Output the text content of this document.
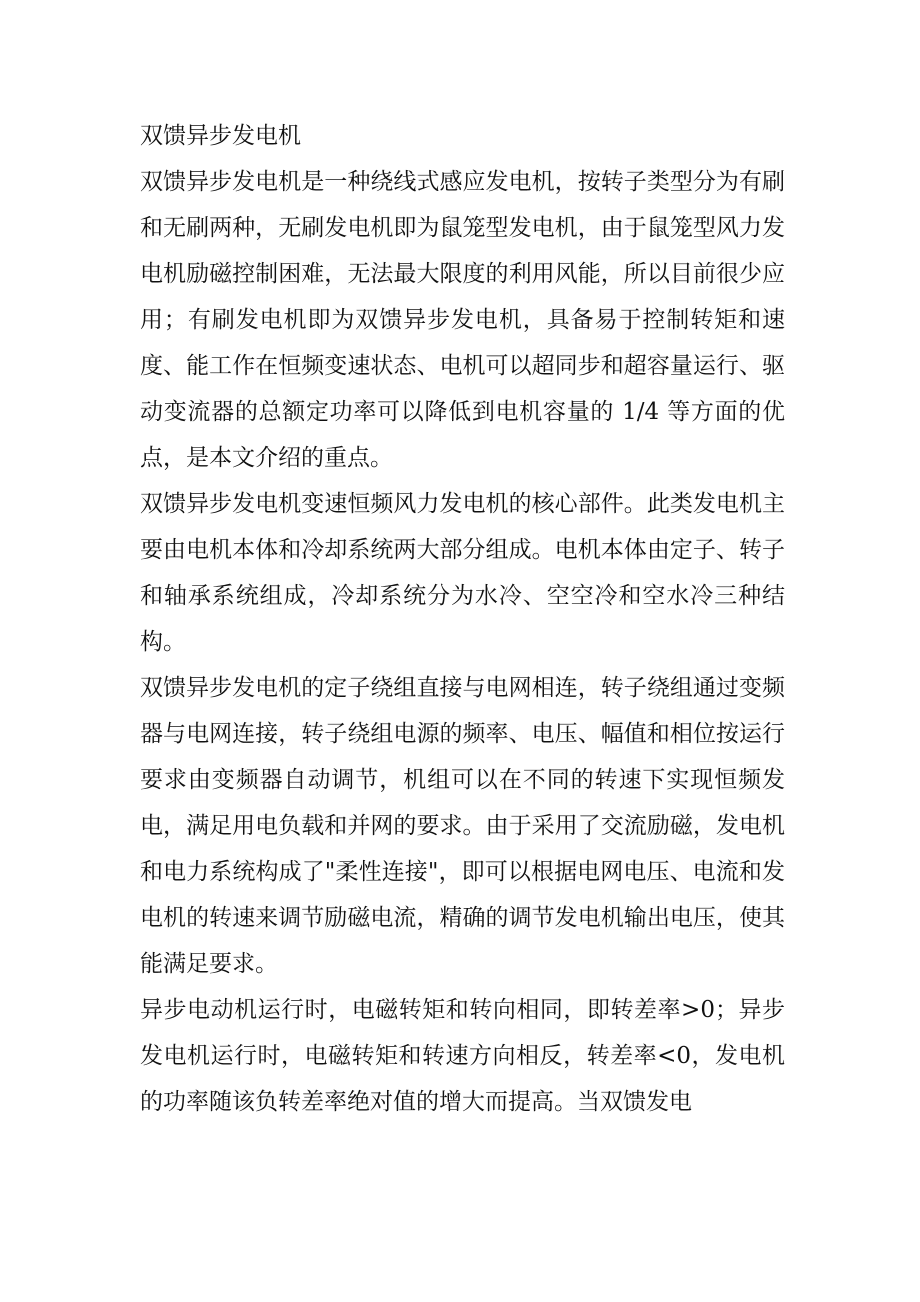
双馈异步发电机

双馈异步发电机是一种绕线式感应发电机，按转子类型分为有刷和无刷两种，无刷发电机即为鼠笼型发电机，由于鼠笼型风力发电机励磁控制困难，无法最大限度的利用风能，所以目前很少应用；有刷发电机即为双馈异步发电机，具备易于控制转矩和速度、能工作在恒频变速状态、电机可以超同步和超容量运行、驱动变流器的总额定功率可以降低到电机容量的 1/4 等方面的优点，是本文介绍的重点。

双馈异步发电机变速恒频风力发电机的核心部件。此类发电机主要由电机本体和冷却系统两大部分组成。电机本体由定子、转子和轴承系统组成，冷却系统分为水冷、空空冷和空水冷三种结构。

双馈异步发电机的定子绕组直接与电网相连，转子绕组通过变频器与电网连接，转子绕组电源的频率、电压、幅值和相位按运行要求由变频器自动调节，机组可以在不同的转速下实现恒频发电，满足用电负载和并网的要求。由于采用了交流励磁，发电机和电力系统构成了"柔性连接"，即可以根据电网电压、电流和发电机的转速来调节励磁电流，精确的调节发电机输出电压，使其能满足要求。

异步电动机运行时，电磁转矩和转向相同，即转差率>0；异步发电机运行时，电磁转矩和转速方向相反，转差率<0，发电机的功率随该负转差率绝对值的增大而提高。当双馈发电
